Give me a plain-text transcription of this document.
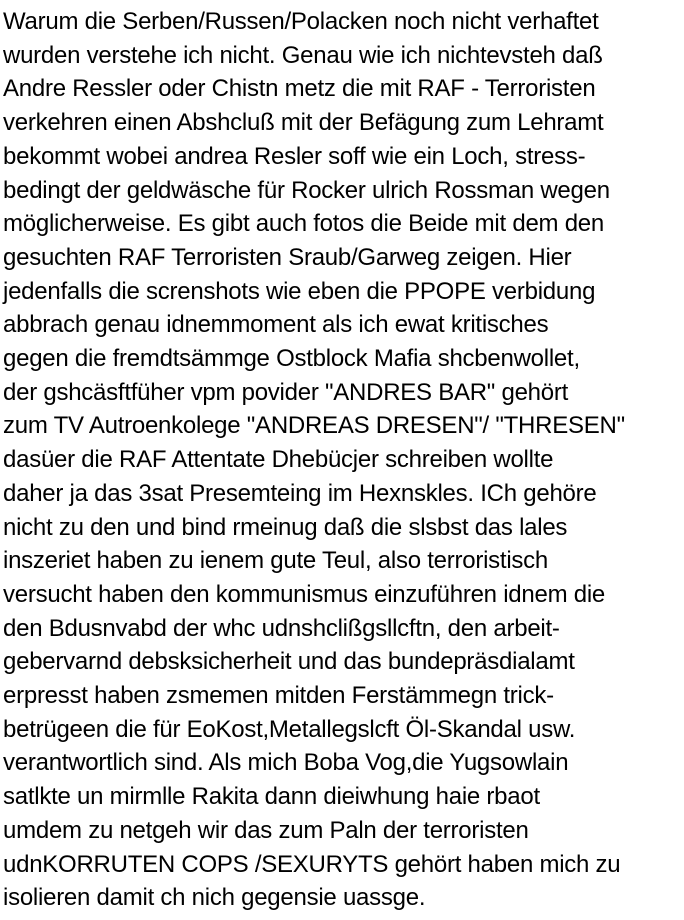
Warum die Serben/Russen/Polacken noch nicht verhaftet
wurden verstehe ich nicht. Genau wie ich nichtevsteh daß
Andre Ressler oder Chistn metz die mit RAF - Terroristen
verkehren einen Abshcluß mit der Befägung zum Lehramt
bekommt wobei andrea Resler soff wie ein Loch, stress-
bedingt der geldwäsche für Rocker ulrich Rossman wegen
möglicherweise. Es gibt auch fotos die Beide mit dem den
gesuchten RAF Terroristen Sraub/Garweg zeigen. Hier
jedenfalls die screnshots wie eben die PPOPE verbidung
abbrach genau idnemmoment als ich ewat kritisches
gegen die fremdtsämmge Ostblock Mafia shcbenwollet,
der gshcäsftfüher vpm povider "ANDRES BAR" gehört
zum TV Autroenkolege "ANDREAS DRESEN"/ "THRESEN"
dasüer die RAF Attentate Dhebücjer schreiben wollte
daher ja das 3sat Presemteing im Hexnskles. ICh gehöre
nicht zu den und bind rmeinug daß die slsbst das lales
inszeriet haben zu ienem gute Teul, also terroristisch
versucht haben den kommunismus einzuführen idnem die
den Bdusnvabd der whc udnshclißgsllcftn, den arbeit-
gebervarnd debsksicherheit und das bundepräsdialamt
erpresst haben zsmemen mitden Ferstämmegn trick-
betrügeen die für EoKost,Metallegslcft Öl-Skandal usw.
verantwortlich sind. Als mich Boba Vog,die Yugsowlain
satlkte un mirmlle Rakita dann dieiwhung haie rbaot
umdem zu netgeh wir das zum Paln der terroristen
udnKORRUTEN COPS /SEXURYTS gehört haben mich zu
isolieren damit ch nich gegensie uassge.
